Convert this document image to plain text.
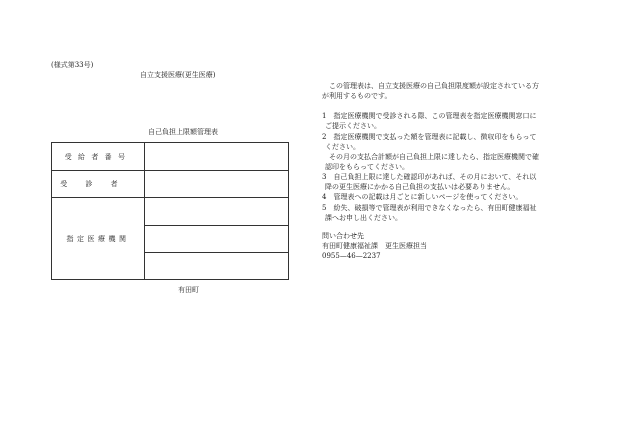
(様式第33号)
自立支援医療(更生医療)
自己負担上限額管理表
受給者番号	
受診者	
指定医療機関	

有田町
この管理表は、自立支援医療の自己負担限度額が設定されている方
が利用するものです。
1　指定医療機関で受診される際、この管理表を指定医療機関窓口に
ご提示ください。
2　指定医療機関で支払った額を管理表に記載し、徴収印をもらって
ください。
その月の支払合計額が自己負担上限に達したら、指定医療機関で確
認印をもらってください。
3　自己負担上限に達した確認印があれば、その月において、それ以
降の更生医療にかかる自己負担の支払いは必要ありません。
4　管理表への記載は月ごとに新しいページを使ってください。
5　紛失、破損等で管理表が利用できなくなったら、有田町健康福祉
課へお申し出ください。
問い合わせ先
有田町健康福祉課　更生医療担当
0955—46—2237
